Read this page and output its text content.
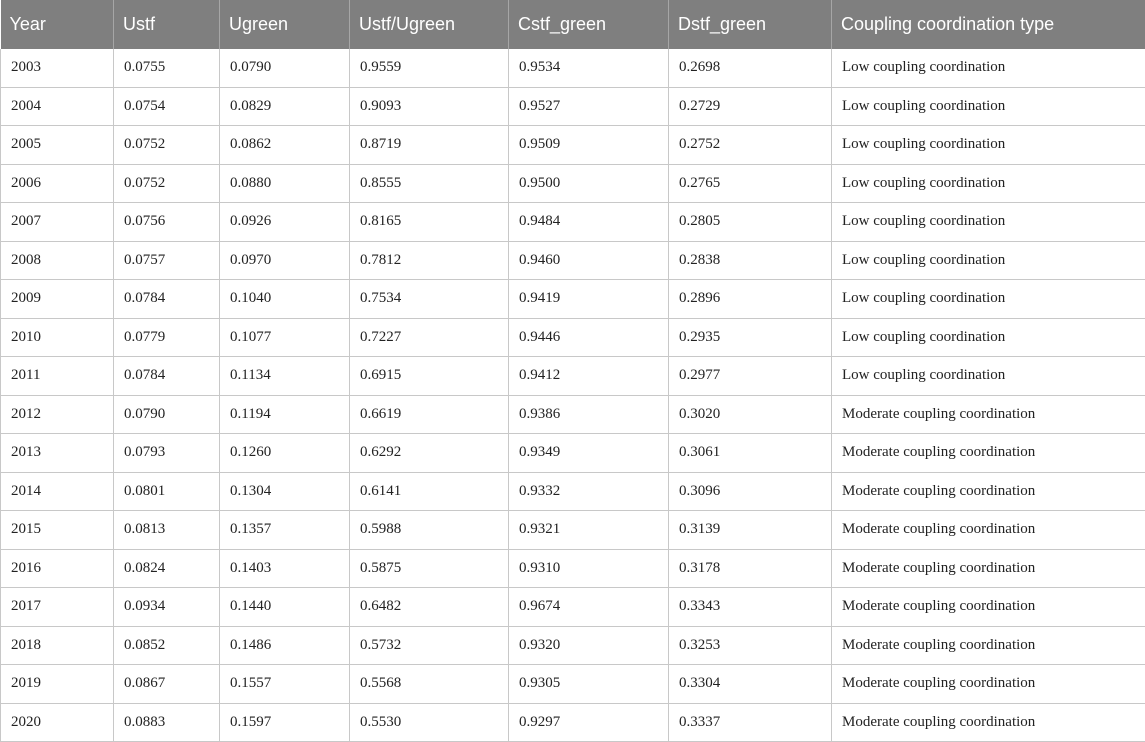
Year	Ustf	Ugreen	Ustf/Ugreen	Cstf_green	Dstf_green	Coupling coordination type
2003	0.0755	0.0790	0.9559	0.9534	0.2698	Low coupling coordination
2004	0.0754	0.0829	0.9093	0.9527	0.2729	Low coupling coordination
2005	0.0752	0.0862	0.8719	0.9509	0.2752	Low coupling coordination
2006	0.0752	0.0880	0.8555	0.9500	0.2765	Low coupling coordination
2007	0.0756	0.0926	0.8165	0.9484	0.2805	Low coupling coordination
2008	0.0757	0.0970	0.7812	0.9460	0.2838	Low coupling coordination
2009	0.0784	0.1040	0.7534	0.9419	0.2896	Low coupling coordination
2010	0.0779	0.1077	0.7227	0.9446	0.2935	Low coupling coordination
2011	0.0784	0.1134	0.6915	0.9412	0.2977	Low coupling coordination
2012	0.0790	0.1194	0.6619	0.9386	0.3020	Moderate coupling coordination
2013	0.0793	0.1260	0.6292	0.9349	0.3061	Moderate coupling coordination
2014	0.0801	0.1304	0.6141	0.9332	0.3096	Moderate coupling coordination
2015	0.0813	0.1357	0.5988	0.9321	0.3139	Moderate coupling coordination
2016	0.0824	0.1403	0.5875	0.9310	0.3178	Moderate coupling coordination
2017	0.0934	0.1440	0.6482	0.9674	0.3343	Moderate coupling coordination
2018	0.0852	0.1486	0.5732	0.9320	0.3253	Moderate coupling coordination
2019	0.0867	0.1557	0.5568	0.9305	0.3304	Moderate coupling coordination
2020	0.0883	0.1597	0.5530	0.9297	0.3337	Moderate coupling coordination
